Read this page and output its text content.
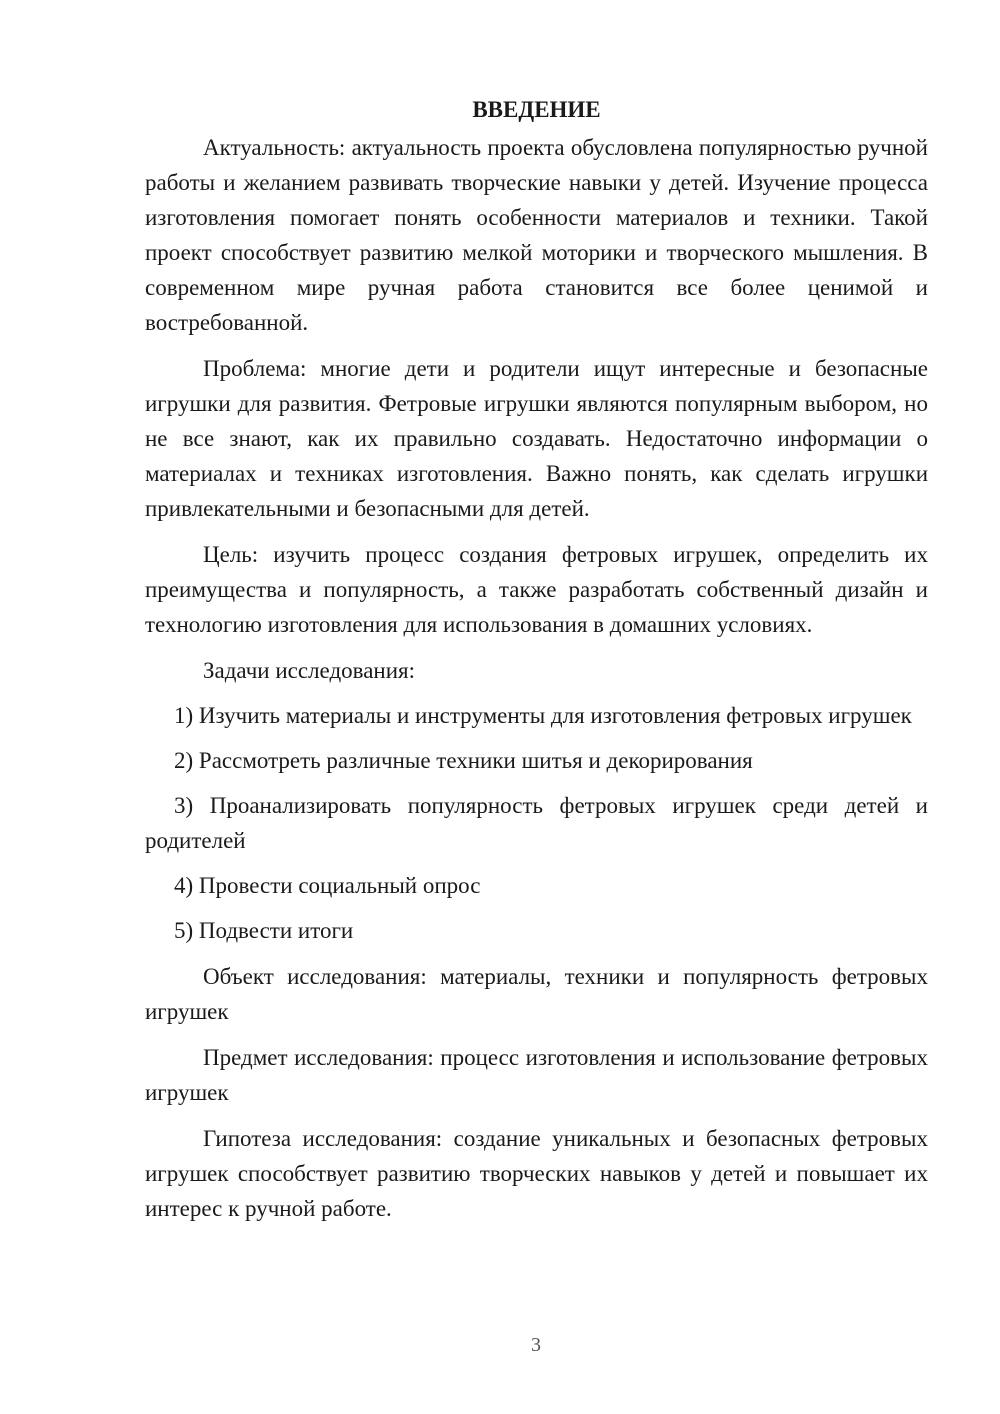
ВВЕДЕНИЕ

Актуальность: актуальность проекта обусловлена популярностью ручной работы и желанием развивать творческие навыки у детей. Изучение процесса изготовления помогает понять особенности материалов и техники. Такой проект способствует развитию мелкой моторики и творческого мышления. В современном мире ручная работа становится все более ценимой и востребованной.

Проблема: многие дети и родители ищут интересные и безопасные игрушки для развития. Фетровые игрушки являются популярным выбором, но не все знают, как их правильно создавать. Недостаточно информации о материалах и техниках изготовления. Важно понять, как сделать игрушки привлекательными и безопасными для детей.

Цель: изучить процесс создания фетровых игрушек, определить их преимущества и популярность, а также разработать собственный дизайн и технологию изготовления для использования в домашних условиях.

Задачи исследования:

1) Изучить материалы и инструменты для изготовления фетровых игрушек

2) Рассмотреть различные техники шитья и декорирования

3) Проанализировать популярность фетровых игрушек среди детей и родителей

4) Провести социальный опрос

5) Подвести итоги

Объект исследования: материалы, техники и популярность фетровых игрушек

Предмет исследования: процесс изготовления и использование фетровых игрушек

Гипотеза исследования: создание уникальных и безопасных фетровых игрушек способствует развитию творческих навыков у детей и повышает их интерес к ручной работе.

3
